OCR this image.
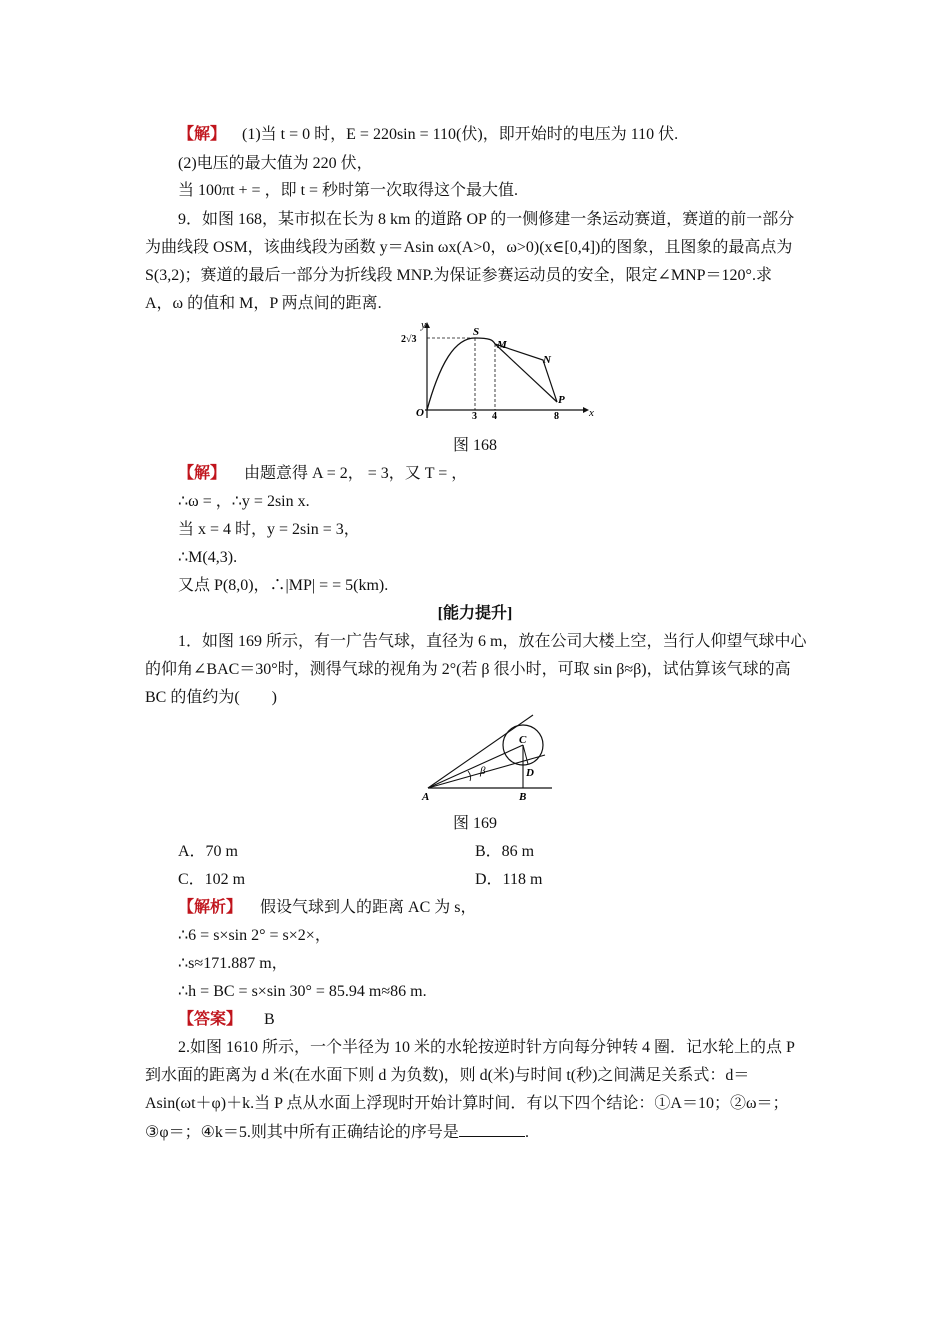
【解】 (1)当 t = 0 时，E = 220sin = 110(伏)，即开始时的电压为 110 伏.
(2)电压的最大值为 220 伏，
当 100πt + = ，即 t = 秒时第一次取得这个最大值.
9．如图 168，某市拟在长为 8 km 的道路 OP 的一侧修建一条运动赛道，赛道的前一部分
为曲线段 OSM，该曲线段为函数 y＝Asin ωx(A>0，ω>0)(x∈[0,4])的图象，且图象的最高点为
S(3,2)；赛道的最后一部分为折线段 MNP.为保证参赛运动员的安全，限定∠MNP＝120°.求
A，ω 的值和 M，P 两点间的距离.
y
x
O
S
M
N
P
2√3
3 4	8
图 168
【解】 由题意得 A = 2， = 3，又 T = ，
∴ω = ，∴y = 2sin x.
当 x = 4 时，y = 2sin = 3，
∴M(4,3).
又点 P(8,0)，∴|MP| = = 5(km).
[能力提升]
1．如图 169 所示，有一广告气球，直径为 6 m，放在公司大楼上空，当行人仰望气球中心
的仰角∠BAC＝30°时，测得气球的视角为 2°(若 β 很小时，可取 sin β≈β)，试估算该气球的高
BC 的值约为(　　)
A	B
C
D
β
图 169
A．70 m	B．86 m
C．102 m	D．118 m
【解析】 假设气球到人的距离 AC 为 s，
∴6 = s×sin 2° = s×2×，
∴s≈171.887 m，
∴h = BC = s×sin 30° = 85.94 m≈86 m.
【答案】 B
2.如图 1610 所示，一个半径为 10 米的水轮按逆时针方向每分钟转 4 圈．记水轮上的点 P
到水面的距离为 d 米(在水面下则 d 为负数)，则 d(米)与时间 t(秒)之间满足关系式：d＝
Asin(ωt＋φ)＋k.当 P 点从水面上浮现时开始计算时间．有以下四个结论：①A＝10；②ω＝；
③φ＝；④k＝5.则其中所有正确结论的序号是	.
